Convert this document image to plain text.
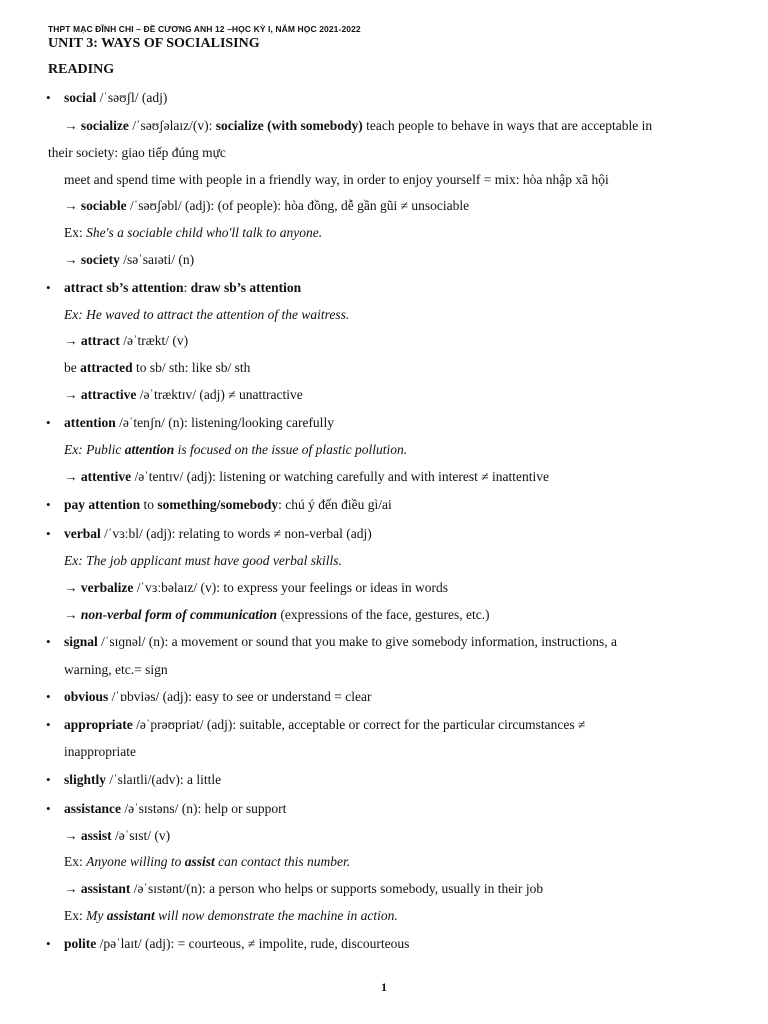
THPT MẠC ĐĨNH CHI – ĐỀ CƯƠNG ANH 12 –HỌC KỲ I, NĂM HỌC 2021-2022
UNIT 3: WAYS OF SOCIALISING
READING
• social /ˈsəʊʃl/ (adj)
→ socialize /ˈsəʊʃəlaɪz/(v): socialize (with somebody) teach people to behave in ways that are acceptable in
their society: giao tiếp đúng mực
meet and spend time with people in a friendly way, in order to enjoy yourself = mix: hòa nhập xã hội
→ sociable /ˈsəʊʃəbl/ (adj): (of people): hòa đồng, dễ gần gũi ≠ unsociable
Ex: She's a sociable child who'll talk to anyone.
→ society /səˈsaɪəti/ (n)
• attract sb’s attention: draw sb’s attention
Ex: He waved to attract the attention of the waitress.
→ attract /əˈtrækt/ (v)
be attracted to sb/ sth: like sb/ sth
→ attractive /əˈtræktɪv/ (adj) ≠ unattractive
• attention /əˈtenʃn/ (n): listening/looking carefully
Ex: Public attention is focused on the issue of plastic pollution.
→ attentive /əˈtentɪv/ (adj): listening or watching carefully and with interest ≠ inattentive
• pay attention to something/somebody: chú ý đến điều gì/ai
• verbal /ˈvɜːbl/ (adj): relating to words ≠ non-verbal (adj)
Ex: The job applicant must have good verbal skills.
→ verbalize /ˈvɜːbəlaɪz/ (v): to express your feelings or ideas in words
→ non-verbal form of communication (expressions of the face, gestures, etc.)
• signal /ˈsɪɡnəl/ (n): a movement or sound that you make to give somebody information, instructions, a
warning, etc.= sign
• obvious /ˈɒbviəs/ (adj): easy to see or understand = clear
• appropriate /əˈprəʊpriət/ (adj): suitable, acceptable or correct for the particular circumstances ≠
inappropriate
• slightly /ˈslaɪtli/(adv): a little
• assistance /əˈsɪstəns/ (n): help or support
→ assist /əˈsɪst/ (v)
Ex: Anyone willing to assist can contact this number.
→ assistant /əˈsɪstənt/(n): a person who helps or supports somebody, usually in their job
Ex: My assistant will now demonstrate the machine in action.
• polite /pəˈlaɪt/ (adj): = courteous, ≠ impolite, rude, discourteous
1
